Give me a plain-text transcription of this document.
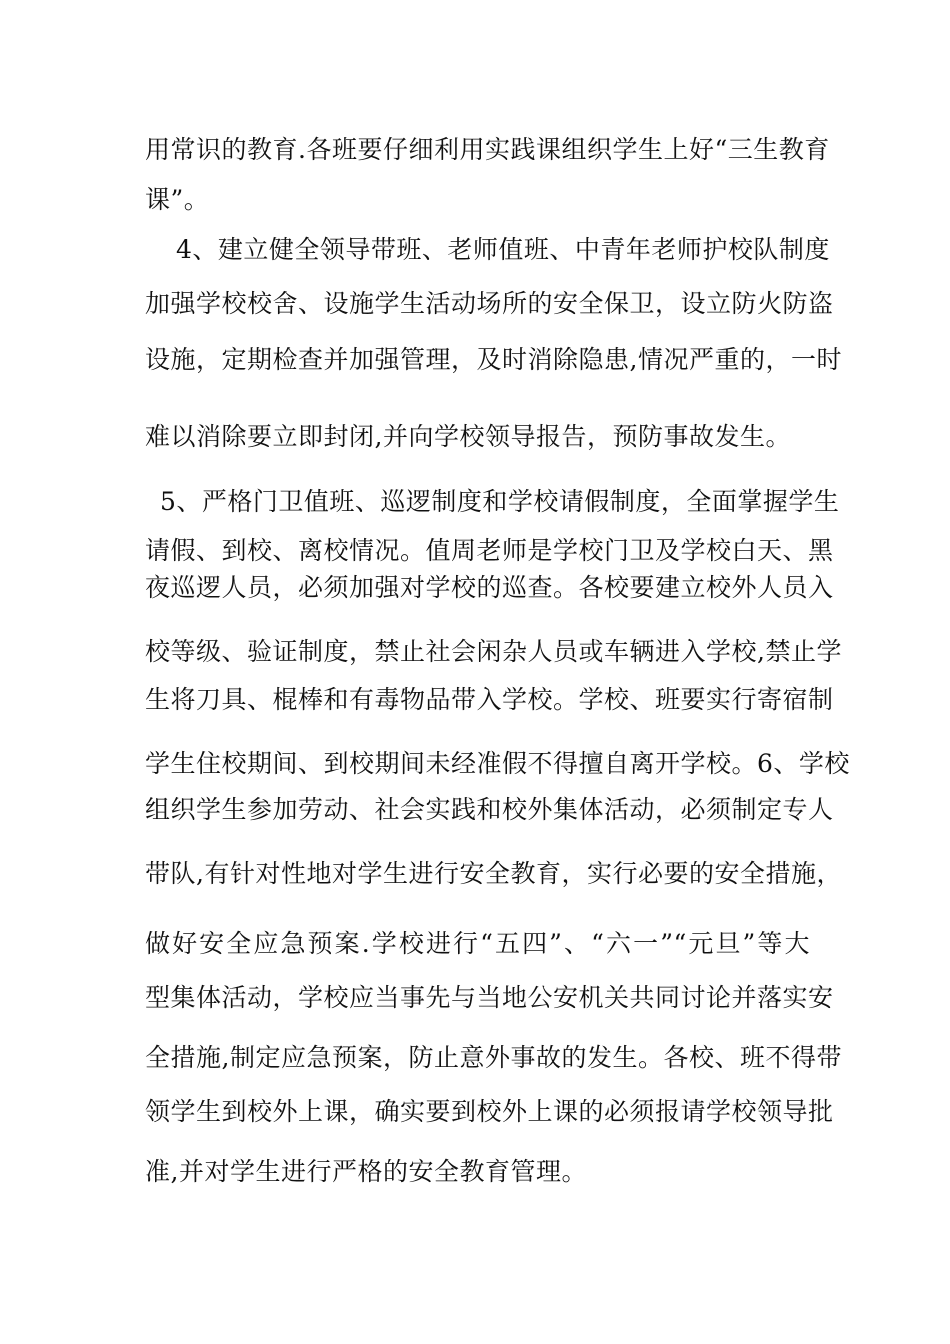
用常识的教育.各班要仔细利用实践课组织学生上好“三生教育
课”。
4、建立健全领导带班、老师值班、中青年老师护校队制度
加强学校校舍、设施学生活动场所的安全保卫，设立防火防盗
设施，定期检查并加强管理，及时消除隐患,情况严重的，一时
难以消除要立即封闭,并向学校领导报告，预防事故发生。
5、严格门卫值班、巡逻制度和学校请假制度，全面掌握学生
请假、到校、离校情况。值周老师是学校门卫及学校白天、黑
夜巡逻人员，必须加强对学校的巡查。各校要建立校外人员入
校等级、验证制度，禁止社会闲杂人员或车辆进入学校,禁止学
生将刀具、棍棒和有毒物品带入学校。学校、班要实行寄宿制
学生住校期间、到校期间未经准假不得擅自离开学校。6、学校
组织学生参加劳动、社会实践和校外集体活动，必须制定专人
带队,有针对性地对学生进行安全教育，实行必要的安全措施，
做好安全应急预案.学校进行“五四”、“六一”“元旦”等大
型集体活动，学校应当事先与当地公安机关共同讨论并落实安
全措施,制定应急预案，防止意外事故的发生。各校、班不得带
领学生到校外上课，确实要到校外上课的必须报请学校领导批
准,并对学生进行严格的安全教育管理。
